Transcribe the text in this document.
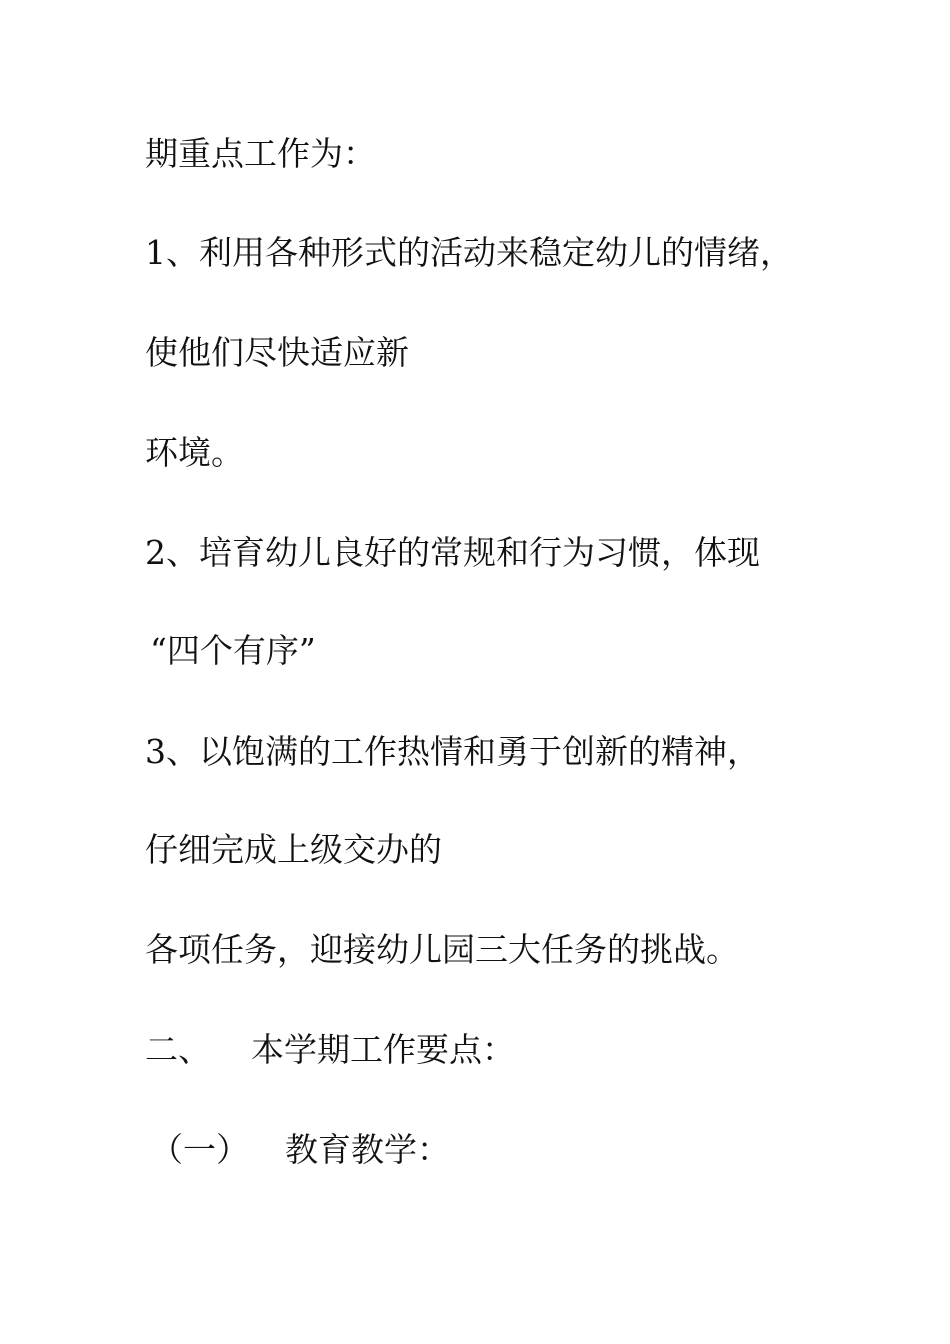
期重点工作为：
1、利用各种形式的活动来稳定幼儿的情绪，
使他们尽快适应新
环境。
2、培育幼儿良好的常规和行为习惯，体现
“四个有序”
3、以饱满的工作热情和勇于创新的精神，
仔细完成上级交办的
各项任务，迎接幼儿园三大任务的挑战。
二、 本学期工作要点：
（一） 教育教学：
